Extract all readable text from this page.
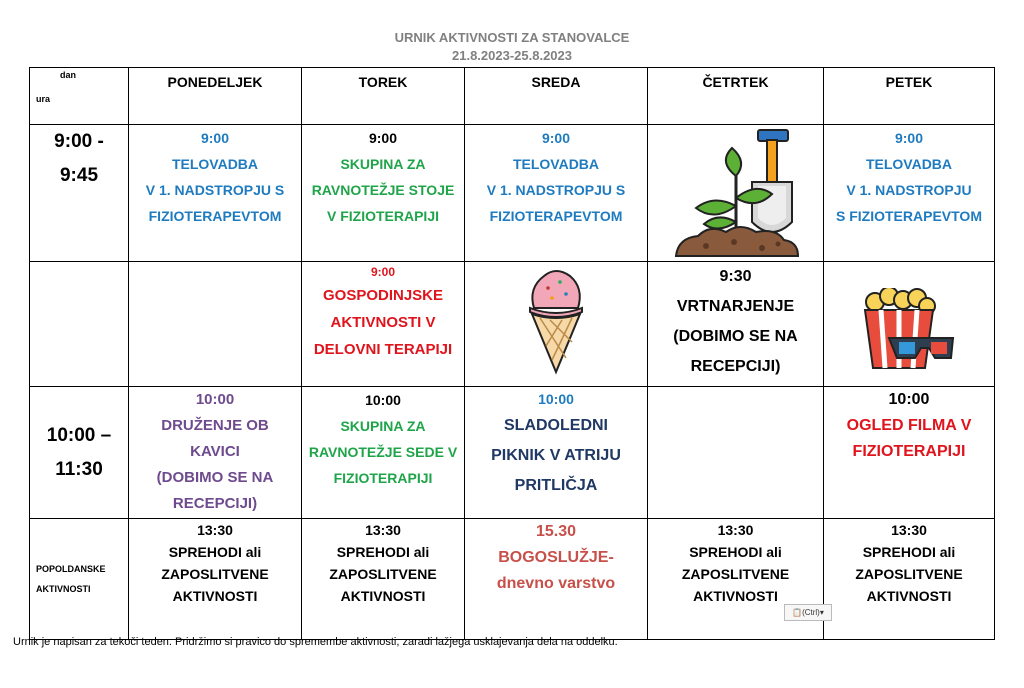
URNIK AKTIVNOSTI ZA STANOVALCE
21.8.2023-25.8.2023
dan
ura	PONEDELJEK	TOREK	SREDA	ČETRTEK	PETEK

9:00 -
9:45	9:00
TELOVADBA
V 1. NADSTROPJU S
FIZIOTERAPEVTOM	9:00
SKUPINA ZA
RAVNOTEŽJE STOJE
V FIZIOTERAPIJI	9:00
TELOVADBA
V 1. NADSTROPJU S
FIZIOTERAPEVTOM		9:00
TELOVADBA
V 1. NADSTROPJU
S FIZIOTERAPEVTOM

		9:00
GOSPODINJSKE
AKTIVNOSTI V
DELOVNI TERAPIJI		9:30
VRTNARJENJE
(DOBIMO SE NA
RECEPCIJI)

10:00 –
11:30	10:00
DRUŽENJE OB
KAVICI
(DOBIMO SE NA
RECEPCIJI)	10:00
SKUPINA ZA
RAVNOTEŽJE SEDE V
FIZIOTERAPIJI	10:00
SLADOLEDNI
PIKNIK V ATRIJU
PRITLIČJA		10:00
OGLED FILMA V
FIZIOTERAPIJI

POPOLDANSKE
AKTIVNOSTI	13:30
SPREHODI ali
ZAPOSLITVENE
AKTIVNOSTI	13:30
SPREHODI ali
ZAPOSLITVENE
AKTIVNOSTI	15.30
BOGOSLUŽJE-
dnevno varstvo	13:30
SPREHODI ali
ZAPOSLITVENE
AKTIVNOSTI	13:30
SPREHODI ali
ZAPOSLITVENE
AKTIVNOSTI
📋(Ctrl)▾
Urnik je napisan za tekoči teden. Pridržimo si pravico do spremembe aktivnosti, zaradi lažjega usklajevanja dela na oddelku.
